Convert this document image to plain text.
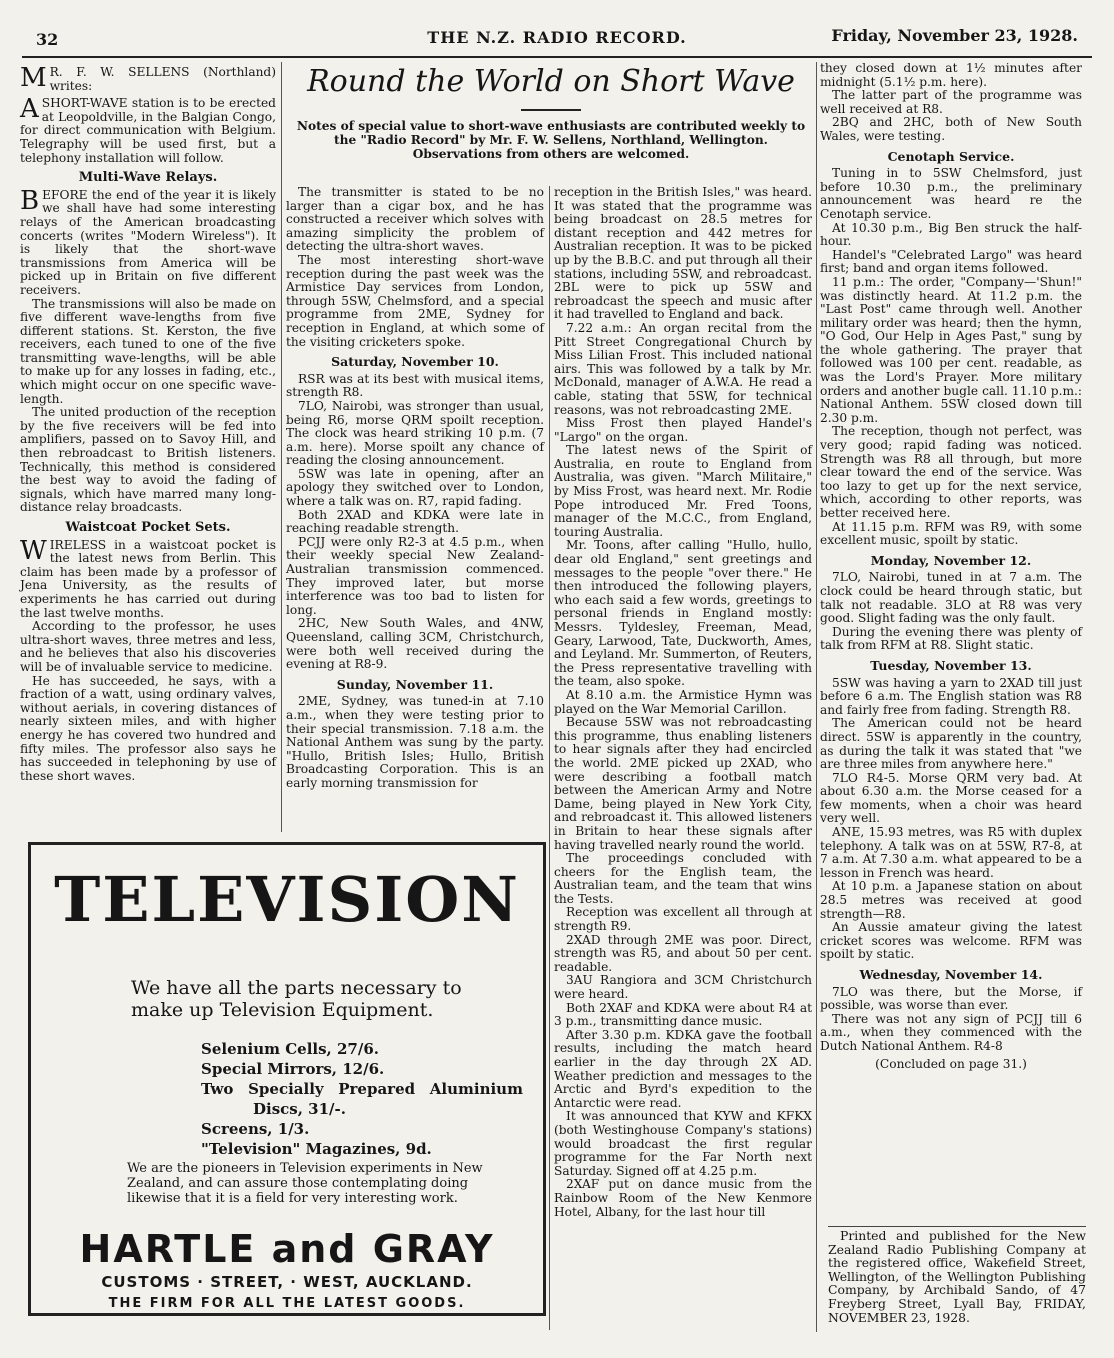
32	THE N.Z. RADIO RECORD.	Friday, November 23, 1928.

M R. F. W. SELLENS (Northland) writes:

A SHORT-WAVE station is to be erected at Leopoldville, in the Balgian Congo, for direct communication with Belgium. Telegraphy will be used first, but a telephony installation will follow.

Multi-Wave Relays.

BEFORE the end of the year it is likely we shall have had some interesting relays of the American broadcasting concerts (writes "Modern Wireless"). It is likely that the short-wave transmissions from America will be picked up in Britain on five different receivers.

The transmissions will also be made on five different wave-lengths from five different stations. St. Kerston, the five receivers, each tuned to one of the five transmitting wave-lengths, will be able to make up for any losses in fading, etc., which might occur on one specific wave-length.

The united production of the reception by the five receivers will be fed into amplifiers, passed on to Savoy Hill, and then rebroadcast to British listeners. Technically, this method is considered the best way to avoid the fading of signals, which have marred many long-distance relay broadcasts.

Waistcoat Pocket Sets.

WIRELESS in a waistcoat pocket is the latest news from Berlin. This claim has been made by a professor of Jena University, as the results of experiments he has carried out during the last twelve months.

According to the professor, he uses ultra-short waves, three metres and less, and he believes that also his discoveries will be of invaluable service to medicine.

He has succeeded, he says, with a fraction of a watt, using ordinary valves, without aerials, in covering distances of nearly sixteen miles, and with higher energy he has covered two hundred and fifty miles. The professor also says he has succeeded in telephoning by use of these short waves.

Round the World on Short Wave
Notes of special value to short-wave enthusiasts are contributed weekly to the "Radio Record" by Mr. F. W. Sellens, Northland, Wellington. Observations from others are welcomed.

The transmitter is stated to be no larger than a cigar box, and he has constructed a receiver which solves with amazing simplicity the problem of detecting the ultra-short waves.

The most interesting short-wave reception during the past week was the Armistice Day services from London, through 5SW, Chelmsford, and a special programme from 2ME, Sydney for reception in England, at which some of the visiting cricketers spoke.

Saturday, November 10.

RSR was at its best with musical items, strength R8.

7LO, Nairobi, was stronger than usual, being R6, morse QRM spoilt reception. The clock was heard striking 10 p.m. (7 a.m. here). Morse spoilt any chance of reading the closing announcement.

5SW was late in opening, after an apology they switched over to London, where a talk was on. R7, rapid fading.

Both 2XAD and KDKA were late in reaching readable strength.

PCJJ were only R2-3 at 4.5 p.m., when their weekly special New Zealand-Australian transmission commenced. They improved later, but morse interference was too bad to listen for long.

2HC, New South Wales, and 4NW, Queensland, calling 3CM, Christchurch, were both well received during the evening at R8-9.

Sunday, November 11.

2ME, Sydney, was tuned-in at 7.10 a.m., when they were testing prior to their special transmission. 7.18 a.m. the National Anthem was sung by the party. "Hullo, British Isles; Hullo, British Broadcasting Corporation. This is an early morning transmission for

reception in the British Isles," was heard. It was stated that the programme was being broadcast on 28.5 metres for distant reception and 442 metres for Australian reception. It was to be picked up by the B.B.C. and put through all their stations, including 5SW, and rebroadcast. 2BL were to pick up 5SW and rebroadcast the speech and music after it had travelled to England and back.

7.22 a.m.: An organ recital from the Pitt Street Congregational Church by Miss Lilian Frost. This included national airs. This was followed by a talk by Mr. McDonald, manager of A.W.A. He read a cable, stating that 5SW, for technical reasons, was not rebroadcasting 2ME.

Miss Frost then played Handel's "Largo" on the organ.

The latest news of the Spirit of Australia, en route to England from Australia, was given. "March Militaire," by Miss Frost, was heard next. Mr. Rodie Pope introduced Mr. Fred Toons, manager of the M.C.C., from England, touring Australia.

Mr. Toons, after calling "Hullo, hullo, dear old England," sent greetings and messages to the people "over there." He then introduced the following players, who each said a few words, greetings to personal friends in England mostly: Messrs. Tyldesley, Freeman, Mead, Geary, Larwood, Tate, Duckworth, Ames, and Leyland. Mr. Summerton, of Reuters, the Press representative travelling with the team, also spoke.

At 8.10 a.m. the Armistice Hymn was played on the War Memorial Carillon.

Because 5SW was not rebroadcasting this programme, thus enabling listeners to hear signals after they had encircled the world. 2ME picked up 2XAD, who were describing a football match between the American Army and Notre Dame, being played in New York City, and rebroadcast it. This allowed listeners in Britain to hear these signals after having travelled nearly round the world.

The proceedings concluded with cheers for the English team, the Australian team, and the team that wins the Tests.

Reception was excellent all through at strength R9.

2XAD through 2ME was poor. Direct, strength was R5, and about 50 per cent. readable.

3AU Rangiora and 3CM Christchurch were heard.

Both 2XAF and KDKA were about R4 at 3 p.m., transmitting dance music.

After 3.30 p.m. KDKA gave the football results, including the match heard earlier in the day through 2X AD. Weather prediction and messages to the Arctic and Byrd's expedition to the Antarctic were read.

It was announced that KYW and KFKX (both Westinghouse Company's stations) would broadcast the first regular programme for the Far North next Saturday. Signed off at 4.25 p.m.

2XAF put on dance music from the Rainbow Room of the New Kenmore Hotel, Albany, for the last hour till

they closed down at 1½ minutes after midnight (5.1½ p.m. here).

The latter part of the programme was well received at R8.

2BQ and 2HC, both of New South Wales, were testing.

Cenotaph Service.

Tuning in to 5SW Chelmsford, just before 10.30 p.m., the preliminary announcement was heard re the Cenotaph service.

At 10.30 p.m., Big Ben struck the half-hour.

Handel's "Celebrated Largo" was heard first; band and organ items followed.

11 p.m.: The order, "Company—'Shun!" was distinctly heard. At 11.2 p.m. the "Last Post" came through well. Another military order was heard; then the hymn, "O God, Our Help in Ages Past," sung by the whole gathering. The prayer that followed was 100 per cent. readable, as was the Lord's Prayer. More military orders and another bugle call. 11.10 p.m.: National Anthem. 5SW closed down till 2.30 p.m.

The reception, though not perfect, was very good; rapid fading was noticed. Strength was R8 all through, but more clear toward the end of the service. Was too lazy to get up for the next service, which, according to other reports, was better received here.

At 11.15 p.m. RFM was R9, with some excellent music, spoilt by static.

Monday, November 12.

7LO, Nairobi, tuned in at 7 a.m. The clock could be heard through static, but talk not readable. 3LO at R8 was very good. Slight fading was the only fault.

During the evening there was plenty of talk from RFM at R8. Slight static.

Tuesday, November 13.

5SW was having a yarn to 2XAD till just before 6 a.m. The English station was R8 and fairly free from fading. Strength R8.

The American could not be heard direct. 5SW is apparently in the country, as during the talk it was stated that "we are three miles from anywhere here."

7LO R4-5. Morse QRM very bad. At about 6.30 a.m. the Morse ceased for a few moments, when a choir was heard very well.

ANE, 15.93 metres, was R5 with duplex telephony. A talk was on at 5SW, R7-8, at 7 a.m. At 7.30 a.m. what appeared to be a lesson in French was heard.

At 10 p.m. a Japanese station on about 28.5 metres was received at good strength—R8.

An Aussie amateur giving the latest cricket scores was welcome. RFM was spoilt by static.

Wednesday, November 14.

7LO was there, but the Morse, if possible, was worse than ever.

There was not any sign of PCJJ till 6 a.m., when they commenced with the Dutch National Anthem. R4-8

(Concluded on page 31.)

TELEVISION
We have all the parts necessary to make up Television Equipment.
Selenium Cells, 27/6.
Special Mirrors, 12/6.
Two Specially Prepared Aluminium
Discs, 31/-.
Screens, 1/3.
"Television" Magazines, 9d.
We are the pioneers in Television experiments in New Zealand, and can assure those contemplating doing likewise that it is a field for very interesting work.
HARTLE and GRAY
CUSTOMS · STREET, · WEST, AUCKLAND.
THE FIRM FOR ALL THE LATEST GOODS.

Printed and published for the New Zealand Radio Publishing Company at the registered office, Wakefield Street, Wellington, of the Wellington Publishing Company, by Archibald Sando, of 47 Freyberg Street, Lyall Bay, FRIDAY, NOVEMBER 23, 1928.
